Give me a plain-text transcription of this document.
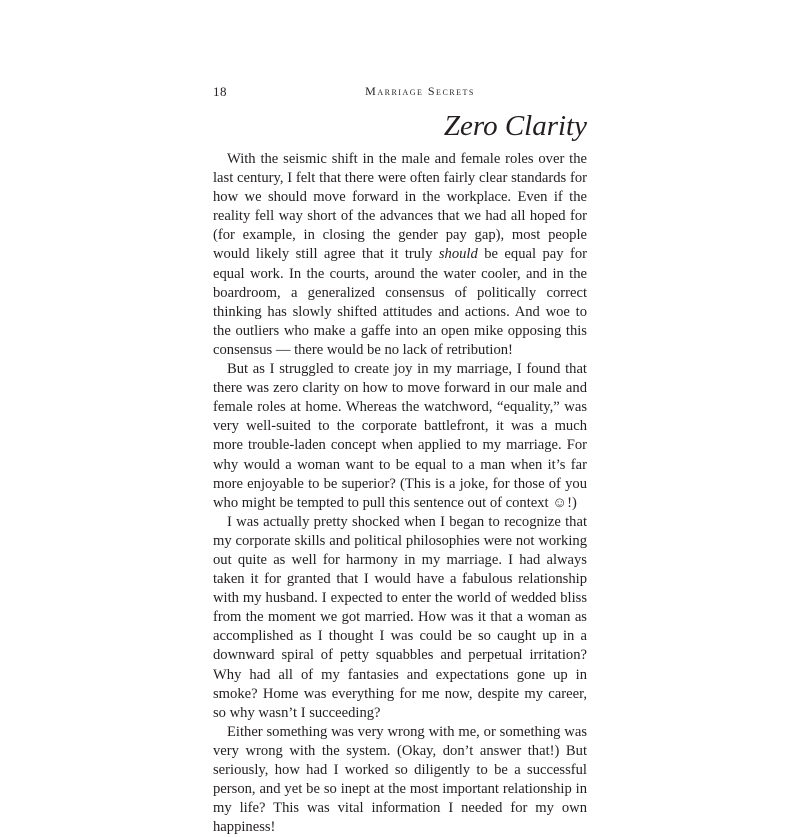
18	Marriage Secrets
Zero Clarity

With the seismic shift in the male and female roles over the last century, I felt that there were often fairly clear standards for how we should move forward in the workplace. Even if the reality fell way short of the advances that we had all hoped for (for example, in closing the gender pay gap), most people would likely still agree that it truly should be equal pay for equal work. In the courts, around the water cooler, and in the boardroom, a generalized consensus of politically correct thinking has slowly shifted attitudes and actions. And woe to the outliers who make a gaffe into an open mike opposing this consensus — there would be no lack of retribution!

But as I struggled to create joy in my marriage, I found that there was zero clarity on how to move forward in our male and female roles at home. Whereas the watchword, “equality,” was very well-suited to the corporate battlefront, it was a much more trouble-laden concept when applied to my marriage. For why would a woman want to be equal to a man when it’s far more enjoyable to be superior? (This is a joke, for those of you who might be tempted to pull this sentence out of context ☺!)

I was actually pretty shocked when I began to recognize that my corporate skills and political philosophies were not working out quite as well for harmony in my marriage. I had always taken it for granted that I would have a fabulous relationship with my husband. I expected to enter the world of wedded bliss from the moment we got married. How was it that a woman as accomplished as I thought I was could be so caught up in a downward spiral of petty squabbles and perpetual irritation? Why had all of my fantasies and expectations gone up in smoke? Home was everything for me now, despite my career, so why wasn’t I succeeding?

Either something was very wrong with me, or something was very wrong with the system. (Okay, don’t answer that!) But seriously, how had I worked so diligently to be a successful person, and yet be so inept at the most important relationship in my life? This was vital information I needed for my own happiness!
